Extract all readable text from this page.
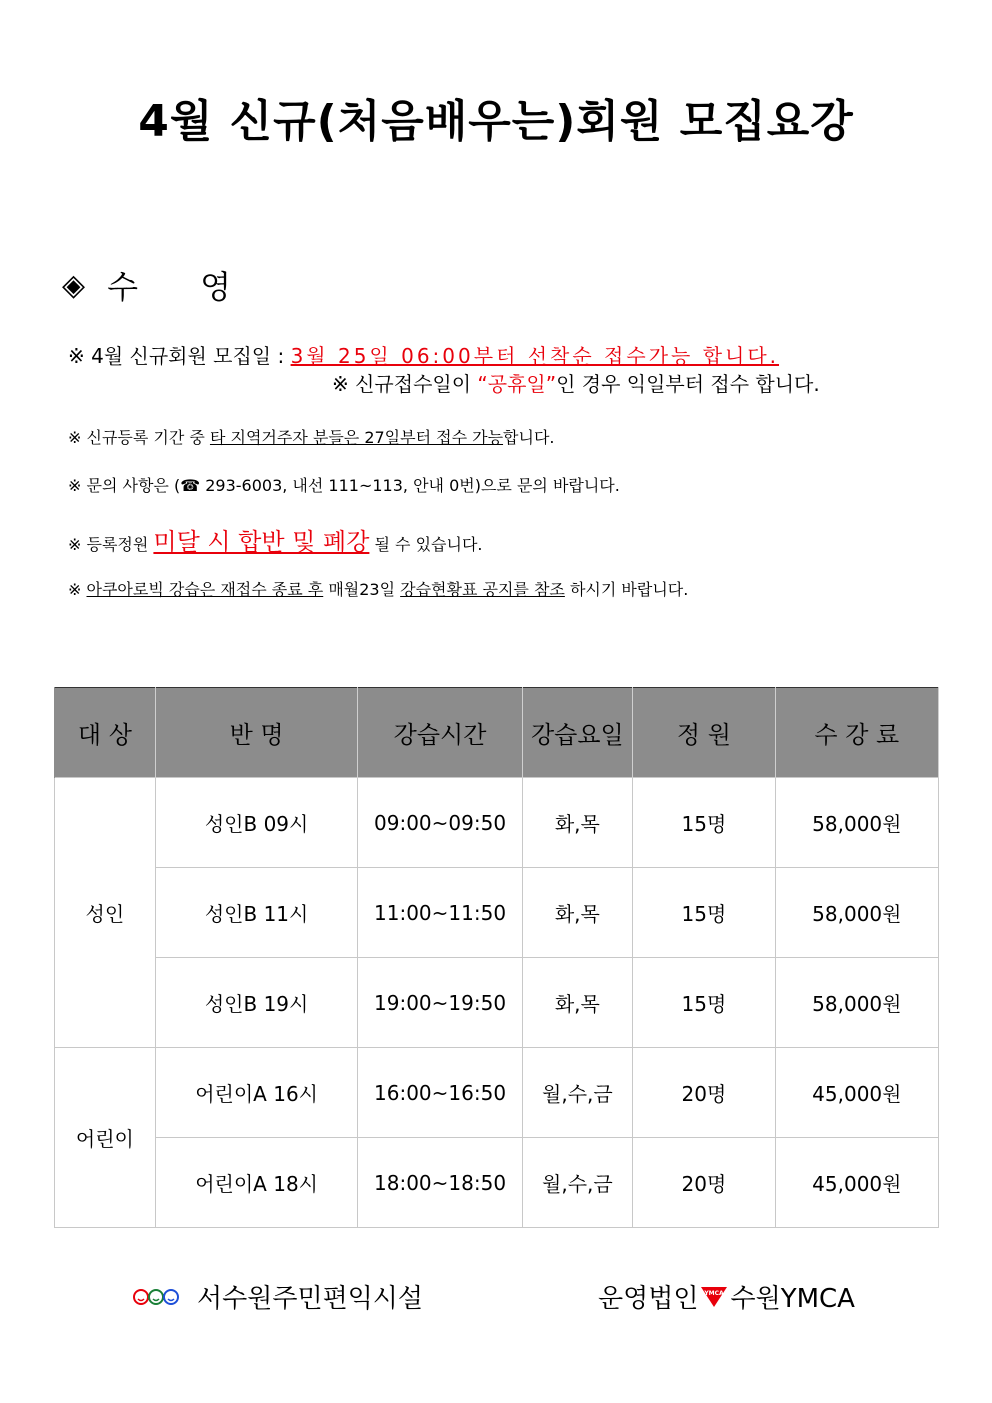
4월 신규(처음배우는)회원 모집요강
◈ 수 영
※ 4월 신규회원 모집일 : 3월 25일 06:00부터 선착순 접수가능 합니다.
※ 신규접수일이 “공휴일”인 경우 익일부터 접수 합니다.
※ 신규등록 기간 중 타 지역거주자 분들은 27일부터 접수 가능합니다.
※ 문의 사항은 (☎ 293-6003, 내선 111~113, 안내 0번)으로 문의 바랍니다.
※ 등록정원 미달 시 합반 및 폐강 될 수 있습니다.
※ 아쿠아로빅 강습은 재접수 종료 후 매월23일 강습현황표 공지를 참조 하시기 바랍니다.
대 상	반 명	강습시간	강습요일	정 원	수 강 료
성인	성인B 09시	09:00~09:50	화,목	15명	58,000원
	성인B 11시	11:00~11:50	화,목	15명	58,000원
	성인B 19시	19:00~19:50	화,목	15명	58,000원
어린이	어린이A 16시	16:00~16:50	월,수,금	20명	45,000원
	어린이A 18시	18:00~18:50	월,수,금	20명	45,000원
서수원주민편익시설	운영법인 YMCA 수원YMCA
